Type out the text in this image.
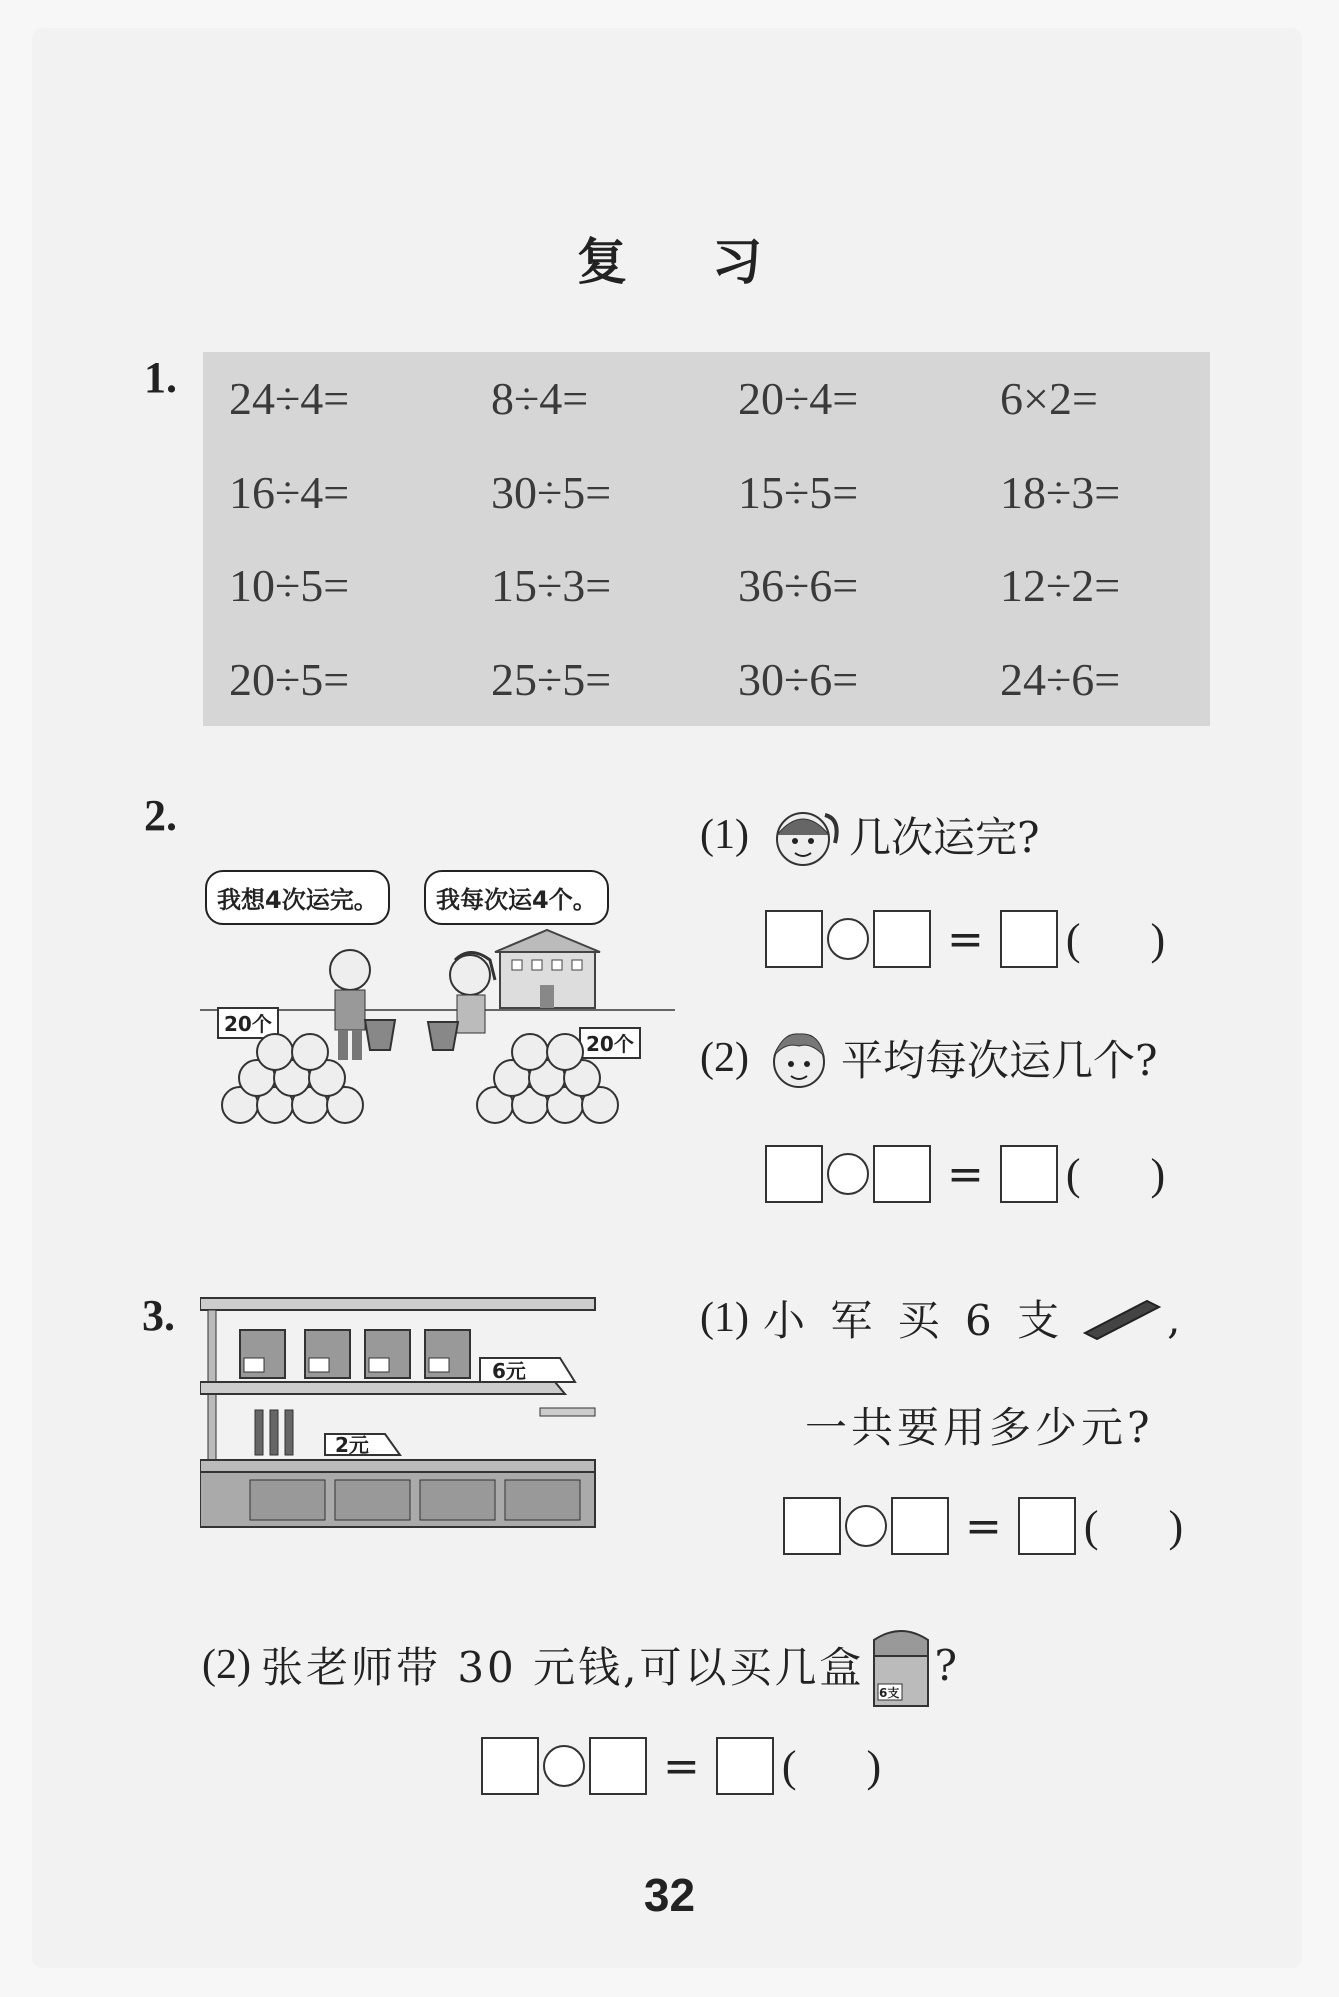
复习
1. 24÷4=	8÷4=	20÷4=	6×2=
16÷4=	30÷5=	15÷5=	18÷3=
10÷5=	15÷3=	36÷6=	12÷2=
20÷5=	25÷5=	30÷6=	24÷6=
2.
20个
20个
我想4次运完。	我每次运4个。
(1) 几次运完?
= ( )
(2) 平均每次运几个?
= ( )
3.
6元
2元
(1) 小 军 买 6 支 ,
一共要用多少元?
= ( )
(2) 张老师带 30 元钱,可以买几盒
6支
?
= ( )
32
